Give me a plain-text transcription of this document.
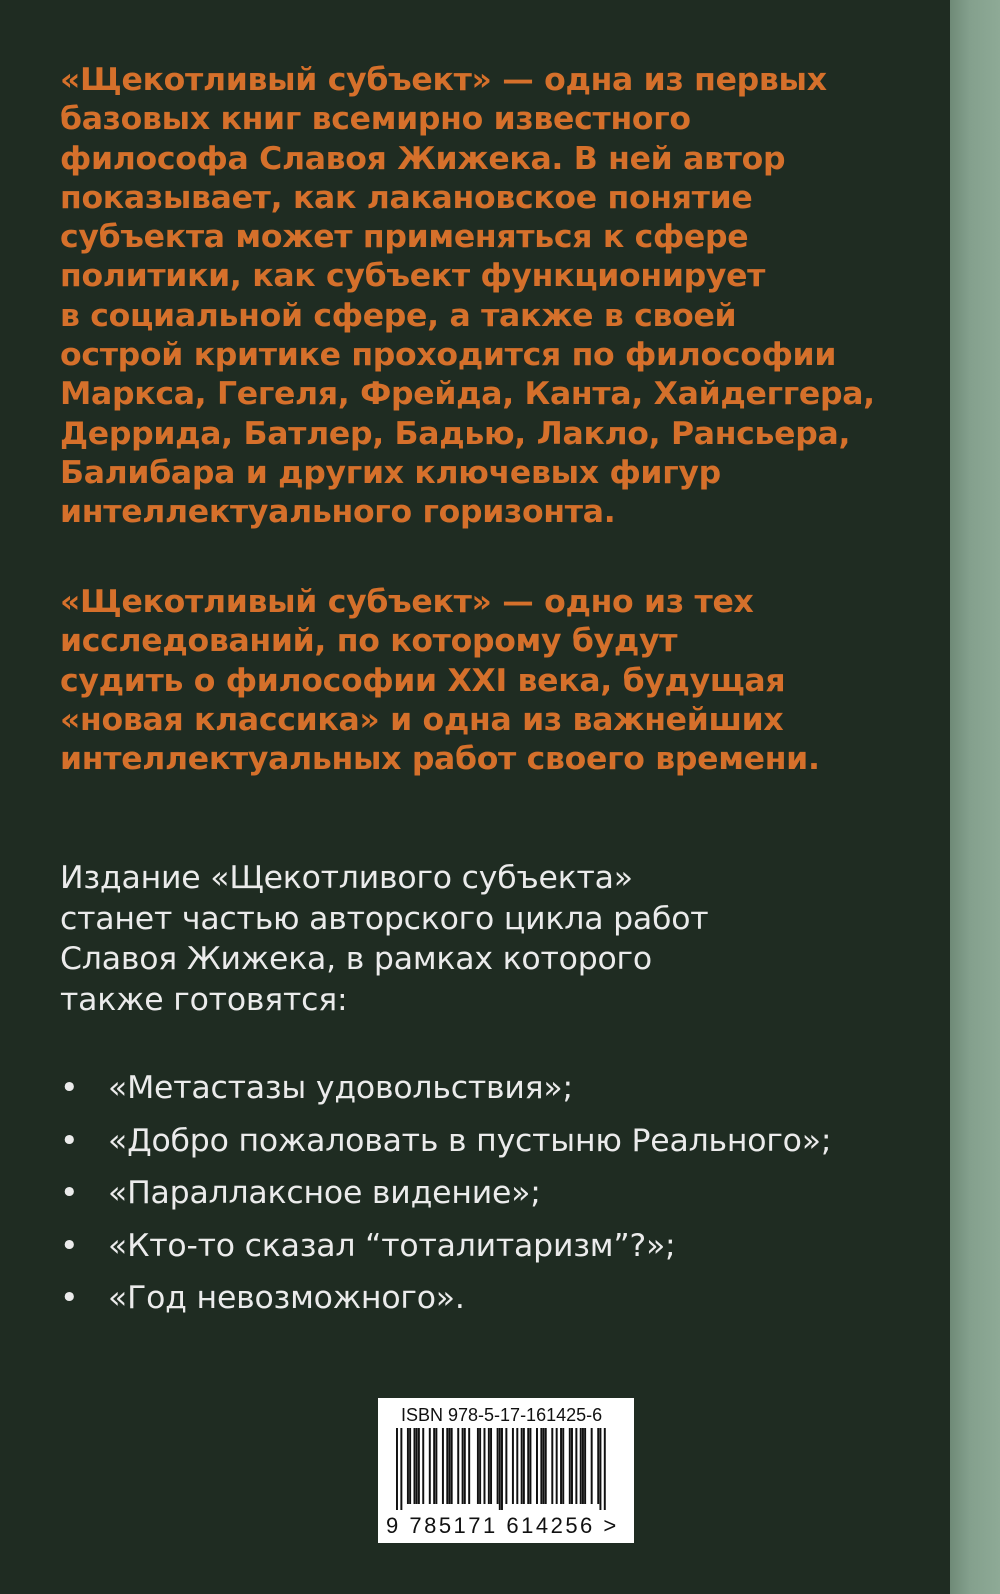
«Щекотливый субъект» — одна из первых
базовых книг всемирно известного
философа Славоя Жижека. В ней автор
показывает, как лакановское понятие
субъекта может применяться к сфере
политики, как субъект функционирует
в социальной сфере, а также в своей
острой критике проходится по философии
Маркса, Гегеля, Фрейда, Канта, Хайдеггера,
Деррида, Батлер, Бадью, Лакло, Рансьера,
Балибара и других ключевых фигур
интеллектуального горизонта.

«Щекотливый субъект» — одно из тех
исследований, по которому будут
судить о философии XXI века, будущая
«новая классика» и одна из важнейших
интеллектуальных работ своего времени.

Издание «Щекотливого субъекта»
станет частью авторского цикла работ
Славоя Жижека, в рамках которого
также готовятся:

• «Метастазы удовольствия»;
• «Добро пожаловать в пустыню Реального»;
• «Параллаксное видение»;
• «Кто-то сказал “тоталитаризм”?»;
• «Год невозможного».
ISBN 978-5-17-161425-6
9 785171 614256 >
